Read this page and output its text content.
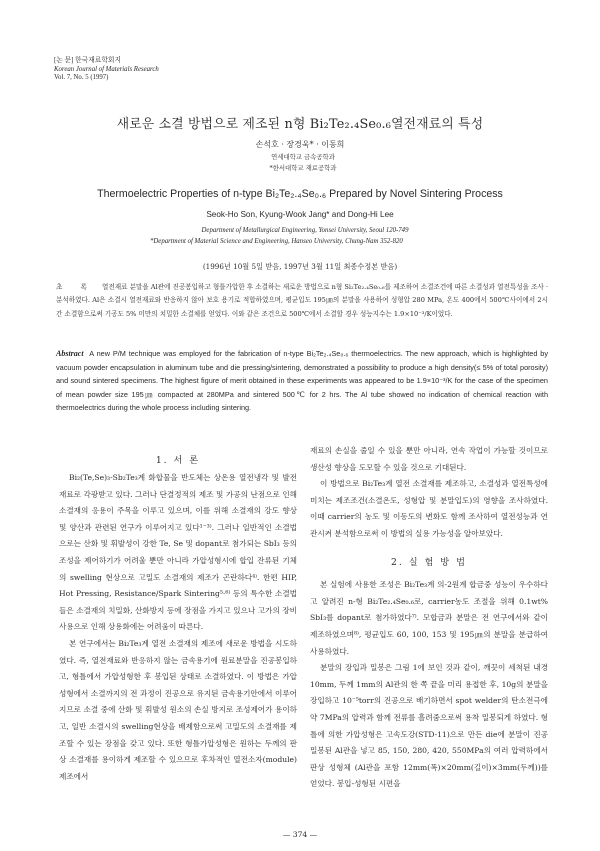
[논 문] 한국재료학회지
Korean Journal of Materials Research
Vol. 7, No. 5 (1997)
새로운 소결 방법으로 제조된 n형 Bi₂Te₂.₄Se₀.₆열전재료의 특성
손석호 · 장경욱* · 이동희
연세대학교 금속공학과
*한서대학교 재료공학과
Thermoelectric Properties of n-type Bi₂Te₂.₄Se₀.₆ Prepared by Novel Sintering Process
Seok-Ho Son, Kyung-Wook Jang* and Dong-Hi Lee
Department of Metallurgical Engineering, Yonsei University, Seoul 120-749
*Department of Material Science and Engineering, Hanseo University, Chung-Nam 352-820
(1996년 10월 5일 받음, 1997년 3월 11일 최종수정본 받음)
초 록 열전재료 분말을 Al관에 진공봉입하고 형틀가압한 후 소결하는 새로운 방법으로 n형 Si₂Te₂.₄Se₀.₆를 제조하여 소결조건에 따른 소결성과 열전특성을 조사 · 분석하였다. Al은 소결시 열전재료와 반응하지 않아 보호 용기로 적합하였으며, 평균입도 195㎛의 분말을 사용하여 성형압 280 MPa, 온도 400에서 500℃사이에서 2시간 소결함으로써 기공도 5% 미만의 치밀한 소결체를 얻었다. 이와 같은 조건으로 500℃에서 소결할 경우 성능지수는 1.9×10⁻³/K이었다.
Abstract A new P/M technique was employed for the fabrication of n-type Bi₂Te₂.₄Se₀.₆ thermoelectrics. The new approach, which is highlighted by vacuum powder encapsulation in aluminum tube and die pressing/sintering, demonstrated a possibility to produce a high density(≤ 5% of total porosity) and sound sintered specimens. The highest figure of merit obtained in these experiments was appeared to be 1.9×10⁻³/K for the case of the specimen of mean powder size 195㎛ compacted at 280MPa and sintered 500℃ for 2 hrs. The Al tube showed no indication of chemical reaction with thermoelectrics during the whole process including sintering.

1. 서 론

Bi₂(Te,Se)₃-Sb₂Te₃계 화합물을 반도체는 상온용 열전냉각 및 발전재료로 각광받고 있다. 그러나 단결정적의 제조 및 가공의 난점으로 인해 소결재의 응용이 주목을 이루고 있으며, 이를 위해 소결재의 강도 향상 및 양산과 관련된 연구가 이루어지고 있다¹⁻³⁾. 그러나 일반적인 소결법으로는 산화 및 휘발성이 강한 Te, Se 및 dopant로 첨가되는 SbI₃ 등의 조성을 제어하기가 어려울 뿐만 아니라 가압성형시에 합입 잔류된 기체의 swelling 현상으로 고밀도 소결재의 제조가 곤란하다⁴⁾. 한편 HIP, Hot Pressing, Resistance/Spark Sintering⁵·⁶⁾ 등의 특수한 소결법들은 소결재의 치밀화, 산화방지 등에 장점을 가지고 있으나 고가의 장비 사용으로 인해 상용화에는 어려움이 따른다.

본 연구에서는 Bi₂Te₃계 열전 소결재의 제조에 새로운 방법을 시도하였다. 즉, 열전재료와 반응하지 않는 금속용기에 원료분말을 진공봉입하고, 형틀에서 가압성형한 후 봉입된 상태로 소결하였다. 이 방법은 가압성형에서 소결까지의 전 과정이 진공으로 유지된 금속용기안에서 이루어지므로 소결 중에 산화 및 휘발성 원소의 손실 방지로 조성제어가 용이하고, 일반 소결시의 swelling현상을 배제함으로써 고밀도의 소결재를 제조할 수 있는 장점을 갖고 있다. 또한 형틀가압성형은 원하는 두께의 판상 소결재를 용이하게 제조할 수 있으므로 후차적인 열전소자(module) 제조에서

재료의 손실을 줄일 수 있을 뿐만 아니라, 연속 작업이 가능할 것이므로 생산성 향상을 도모할 수 있을 것으로 기대된다.

이 방법으로 Bi₂Te₃계 열전 소결재를 제조하고, 소결성과 열전특성에 미치는 제조조건(소결온도, 성형압 및 분말입도)의 영향을 조사하였다. 이때 carrier의 농도 및 이동도의 변화도 함께 조사하여 열전성능과 연관시켜 분석함으로써 이 방법의 실용 가능성을 알아보았다.

2. 실 험 방 법

본 실험에 사용한 조성은 Bi₂Te₃계 의-2원계 합금중 성능이 우수하다고 알려진 n-형 Bi₂Te₂.₄Se₀.₆로, carrier농도 조절을 위해 0.1wt% SbI₃를 dopant로 첨가하였다⁷⁾. 모합금과 분말은 전 연구에서와 같이 제조하였으며⁸⁾, 평균입도 60, 100, 153 및 195㎛의 분말을 분급하여 사용하였다.

분말의 장입과 밀봉은 그림 1에 보인 것과 같이, 깨끗이 세척된 내경 10mm, 두께 1mm의 Al관의 한 쪽 끝을 미리 용접한 후, 10g의 분말을 장입하고 10⁻⁵torr의 진공으로 배기하면서 spot welder의 탄소전극에 약 7MPa의 압력과 함께 전류를 흘려줌으로써 용착 밀봉되게 하였다. 형틀에 의한 가압성형은 고속도강(STD-11)으로 만든 die에 분말이 진공밀봉된 Al관을 넣고 85, 150, 280, 420, 550MPa의 여러 압력하에서 판상 성형체 (Al관을 포함 12mm(폭)×20mm(길이)×3mm(두께))를 얻었다. 봉입-성형된 시편을

— 374 —
